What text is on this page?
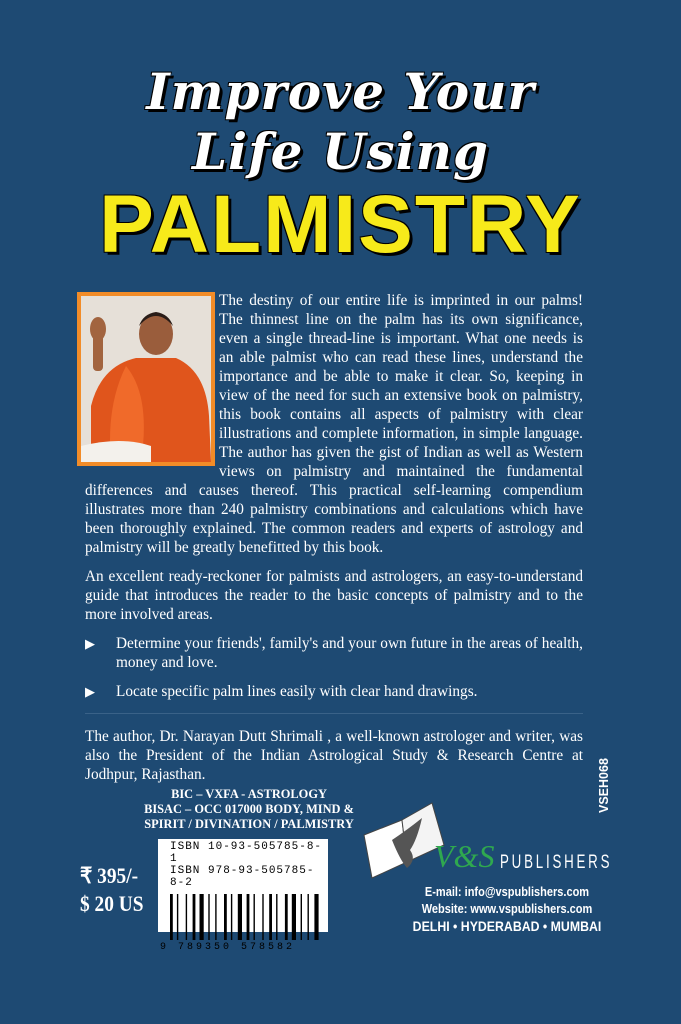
Improve Your
Life Using
PALMISTRY

The destiny of our entire life is imprinted in our palms! The thinnest line on the palm has its own significance, even a single thread-line is important. What one needs is an able palmist who can read these lines, understand the importance and be able to make it clear. So, keeping in view of the need for such an extensive book on palmistry, this book contains all aspects of palmistry with clear illustrations and complete information, in simple language. The author has given the gist of Indian as well as Western views on palmistry and maintained the fundamental differences and causes thereof. This practical self-learning compendium illustrates more than 240 palmistry combinations and calculations which have been thoroughly explained. The common readers and experts of astrology and palmistry will be greatly benefitted by this book.

An excellent ready-reckoner for palmists and astrologers, an easy-to-understand guide that introduces the reader to the basic concepts of palmistry and to the more involved areas.

▶ Determine your friends', family's and your own future in the areas of health, money and love.
▶ Locate specific palm lines easily with clear hand drawings.

The author, Dr. Narayan Dutt Shrimali , a well-known astrologer and writer, was also the President of the Indian Astrological Study & Research Centre at Jodhpur, Rajasthan.

BIC – VXFA - ASTROLOGY
BISAC – OCC 017000 BODY, MIND & SPIRIT / DIVINATION / PALMISTRY
ISBN 10-93-505785-8-1
ISBN 978-93-505785-8-2
9 789350 578582
₹ 395/-
$ 20 US
V&S PUBLISHERS
E-mail: info@vspublishers.com
Website: www.vspublishers.com
DELHI • HYDERABAD • MUMBAI
VSEH068
